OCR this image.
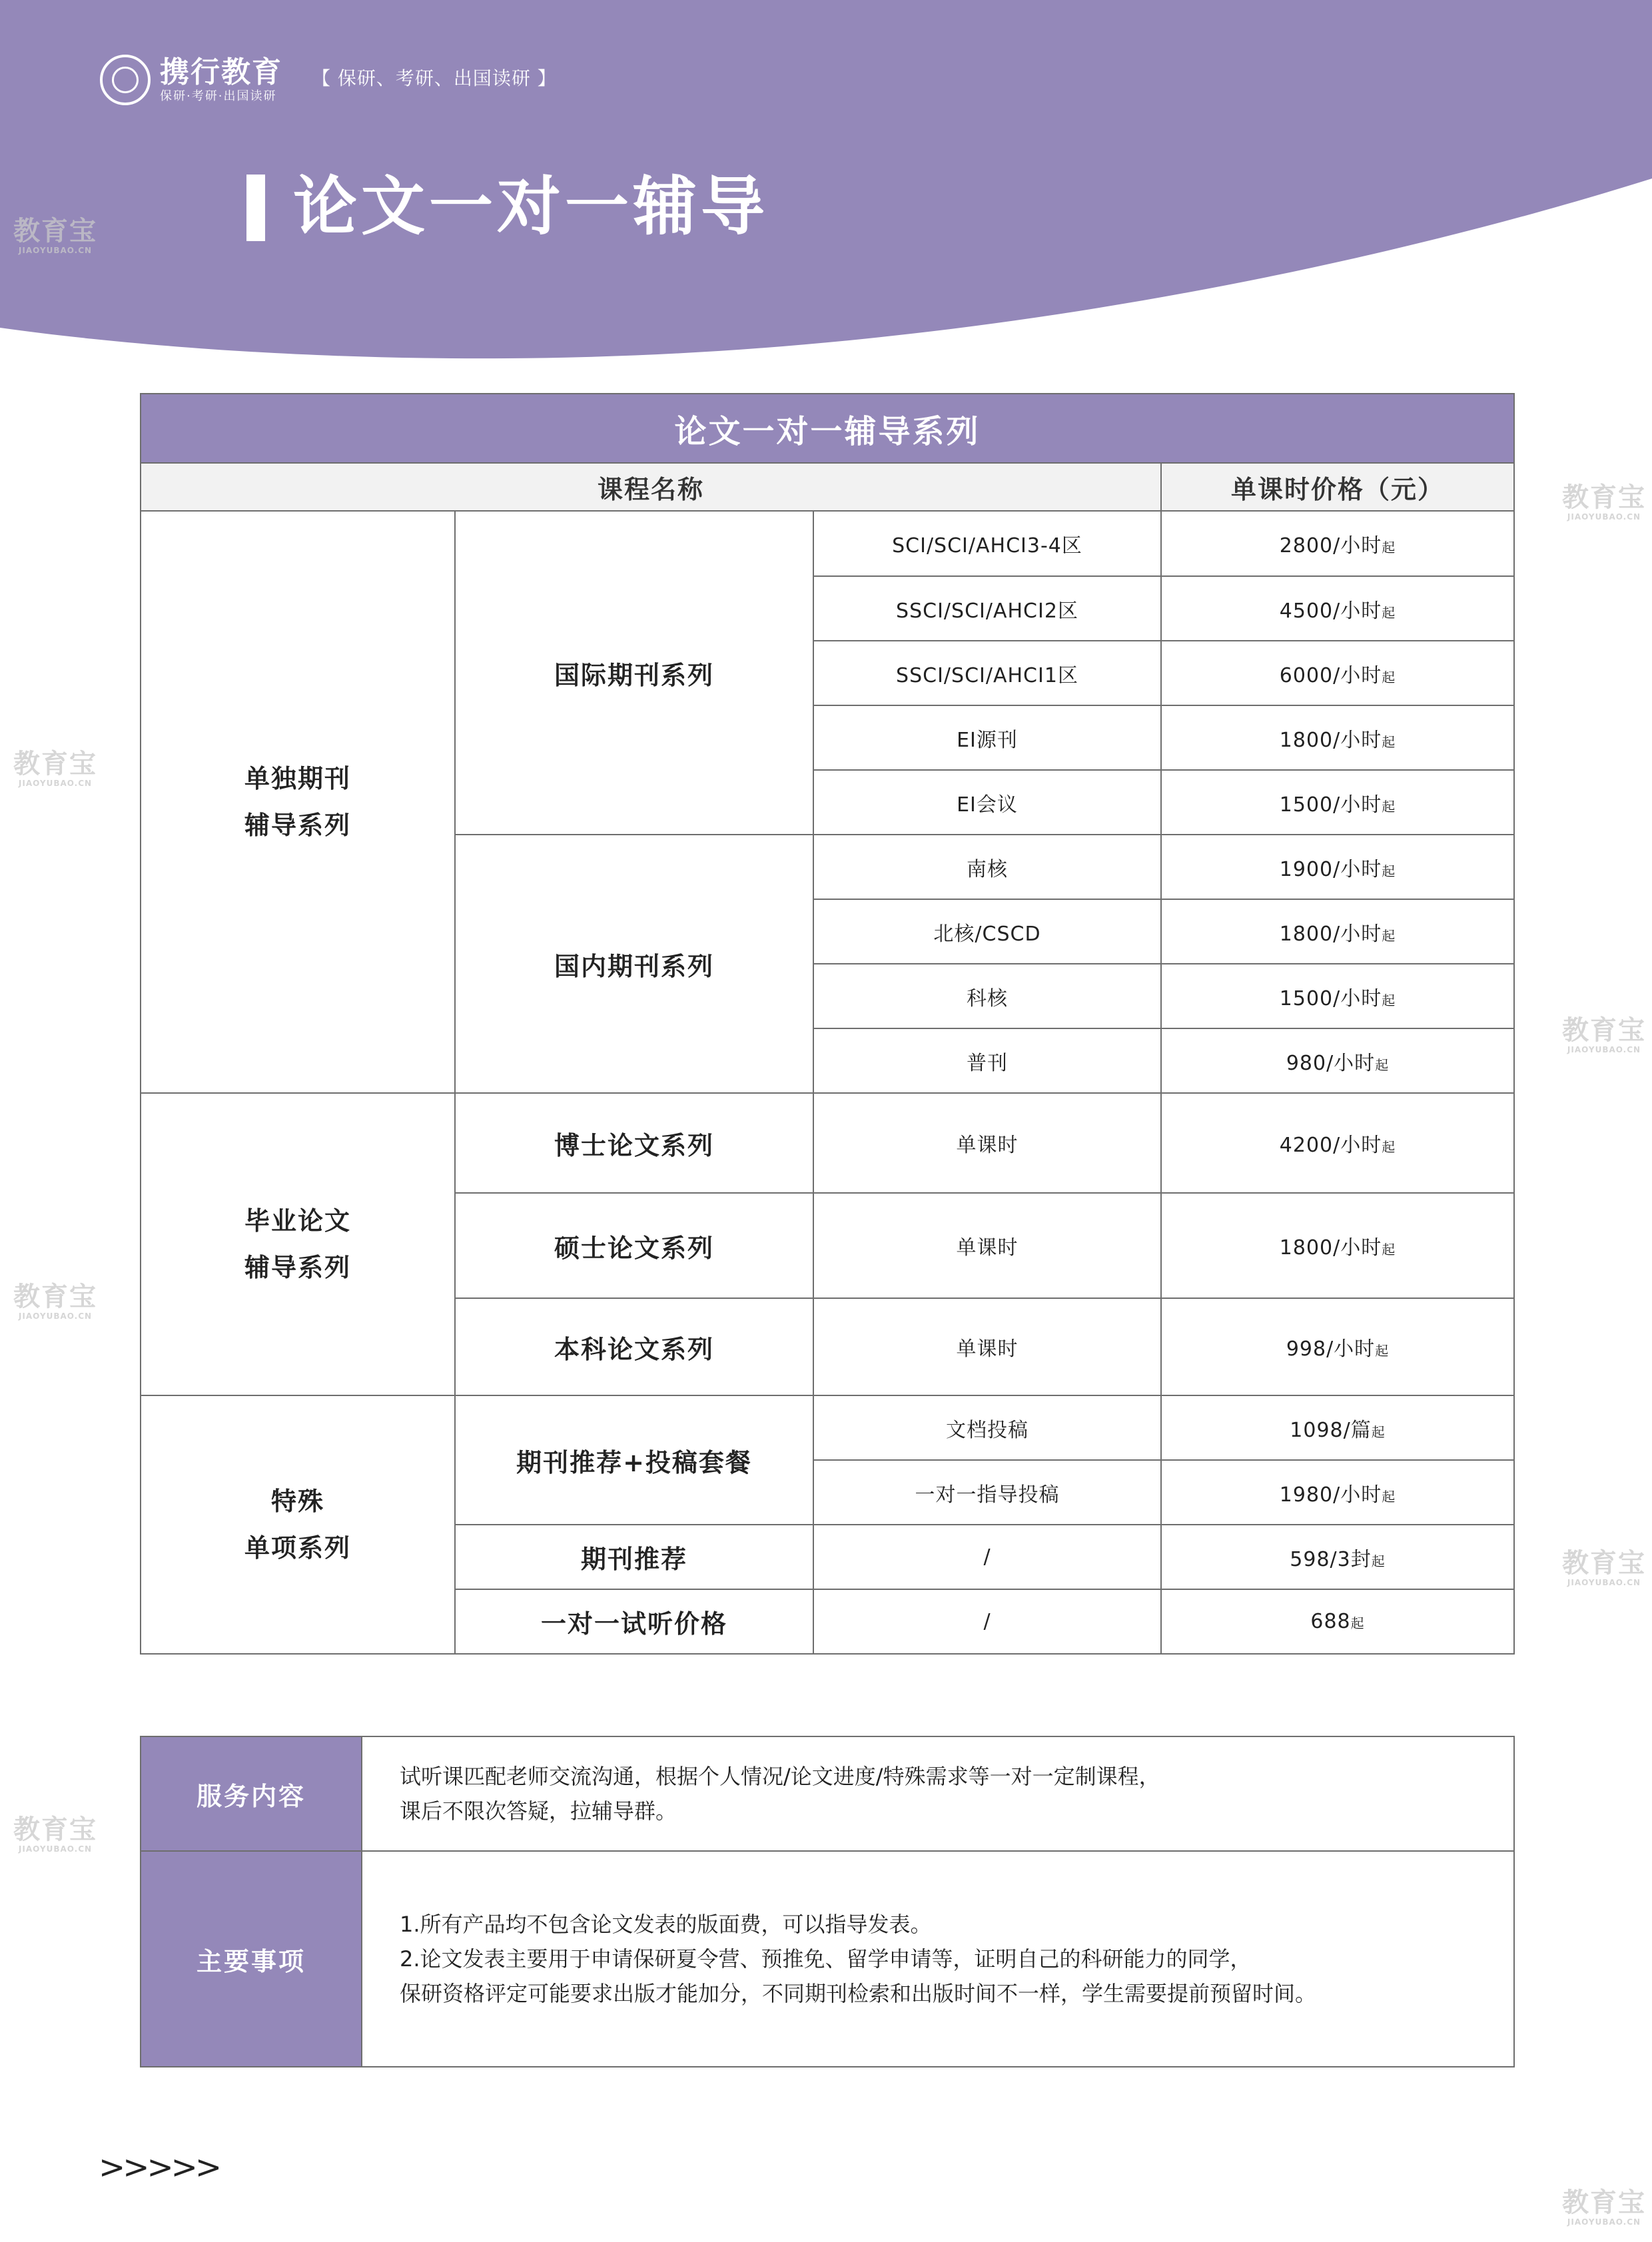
携行教育
保研·考研·出国读研
【 保研、考研、出国读研 】
论文一对一辅导
教育宝
JIAOYUBAO.CN
教育宝
JIAOYUBAO.CN
教育宝
JIAOYUBAO.CN
教育宝
JIAOYUBAO.CN
教育宝
JIAOYUBAO.CN
教育宝
JIAOYUBAO.CN
教育宝
JIAOYUBAO.CN
教育宝
JIAOYUBAO.CN
论文一对一辅导系列			
课程名称			单课时价格（元）

单独期刊
辅导系列	国际期刊系列	SCI/SCI/AHCI3-4区	2800/小时起
		SSCI/SCI/AHCI2区	4500/小时起
		SSCI/SCI/AHCI1区	6000/小时起
		EI源刊	1800/小时起
		EI会议	1500/小时起
	国内期刊系列	南核	1900/小时起
		北核/CSCD	1800/小时起
		科核	1500/小时起
		普刊	980/小时起

毕业论文
辅导系列	博士论文系列	单课时	4200/小时起
	硕士论文系列	单课时	1800/小时起
	本科论文系列	单课时	998/小时起

特殊
单项系列	期刊推荐+投稿套餐	文档投稿	1098/篇起
		一对一指导投稿	1980/小时起
	期刊推荐	/	598/3封起
	一对一试听价格	/	688起
服务内容	试听课匹配老师交流沟通，根据个人情况/论文进度/特殊需求等一对一定制课程，
课后不限次答疑，拉辅导群。

主要事项	1.所有产品均不包含论文发表的版面费，可以指导发表。
2.论文发表主要用于申请保研夏令营、预推免、留学申请等，证明自己的科研能力的同学，
保研资格评定可能要求出版才能加分，不同期刊检索和出版时间不一样，学生需要提前预留时间。
>>>>>
